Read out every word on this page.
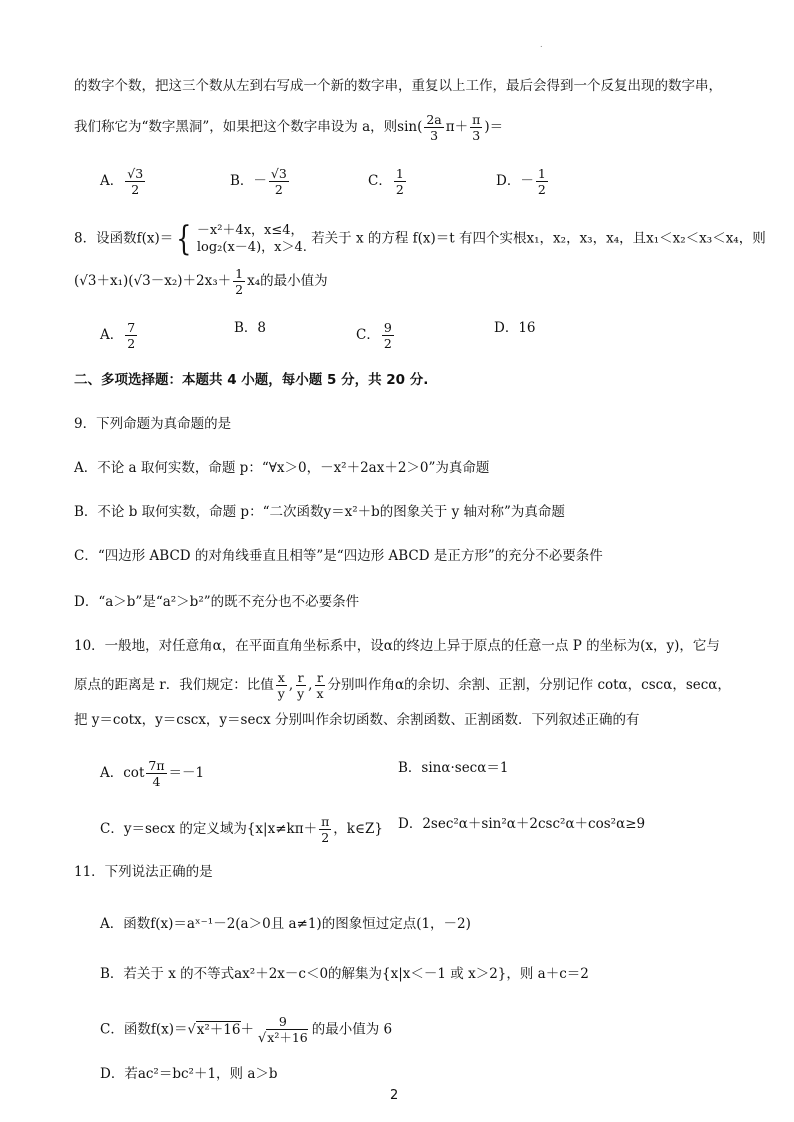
.
的数字个数，把这三个数从左到右写成一个新的数字串，重复以上工作，最后会得到一个反复出现的数字串，
我们称它为“数字黑洞”，如果把这个数字串设为 a，则$\sin( \frac{2a}{3} \pi+ \frac{\pi}{3}$ )＝
A． $\frac{√3}{2}$	B．－ $\frac{√3}{2}$	C． $\frac{1}{2}$	D．－ $\frac{1}{2}$
8．设函数f(x)＝ { －x²＋4x，x≤4，
log₂(x－4)，x＞4.
若关于 x 的方程 f(x)＝t 有四个实根x₁，x₂，x₃，x₄，且x₁＜x₂＜x₃＜x₄，则
$(√3+x_1)(√3-x_2)+2x_3+ \frac{1}{2} x_4$的最小值为
A． $\frac{7}{2}$	B．8	C． $\frac{9}{2}$	D．16
二、多项选择题：本题共 4 小题，每小题 5 分，共 20 分.
9．下列命题为真命题的是
A．不论 a 取何实数，命题 p：“∀x＞0，－x²＋2ax＋2＞0”为真命题
B．不论 b 取何实数，命题 p：“二次函数y＝x²＋b的图象关于 y 轴对称”为真命题
C．“四边形 ABCD 的对角线垂直且相等”是“四边形 ABCD 是正方形”的充分不必要条件
D．“a＞b”是“a²＞b²”的既不充分也不必要条件
10．一般地，对任意角α，在平面直角坐标系中，设α的终边上异于原点的任意一点 P 的坐标为(x，y)，它与
原点的距离是 r．我们规定：比值 $\frac{x}{y}$ , $\frac{r}{y}$ , $\frac{r}{x}$ 分别叫作角α的余切、余割、正割，分别记作 cotα，cscα，secα，
把 y＝cotx，y＝cscx，y＝secx 分别叫作余切函数、余割函数、正割函数．下列叙述正确的有
A．$\cot \frac{7\pi}{4} =-1$	B．sinα·secα＝1
C．y＝secx 的定义域为{$x|x\ne k\pi+ \frac{\pi}{2}$ ，k∈Z} D．2sec²α＋sin²α＋2csc²α＋cos²α≥9
11．下列说法正确的是
A．函数f(x)＝aˣ⁻¹－2(a＞0且 a≠1)的图象恒过定点(1，－2)
B．若关于 x 的不等式ax²＋2x－c＜0的解集为{x|x＜－1 或 x＞2}，则 a＋c＝2
C．函数$f(x)=√x^2+16+ \frac{9}{\text{√x²＋16}}$ 的最小值为 6
D．若ac²＝bc²＋1，则 a＞b
2
